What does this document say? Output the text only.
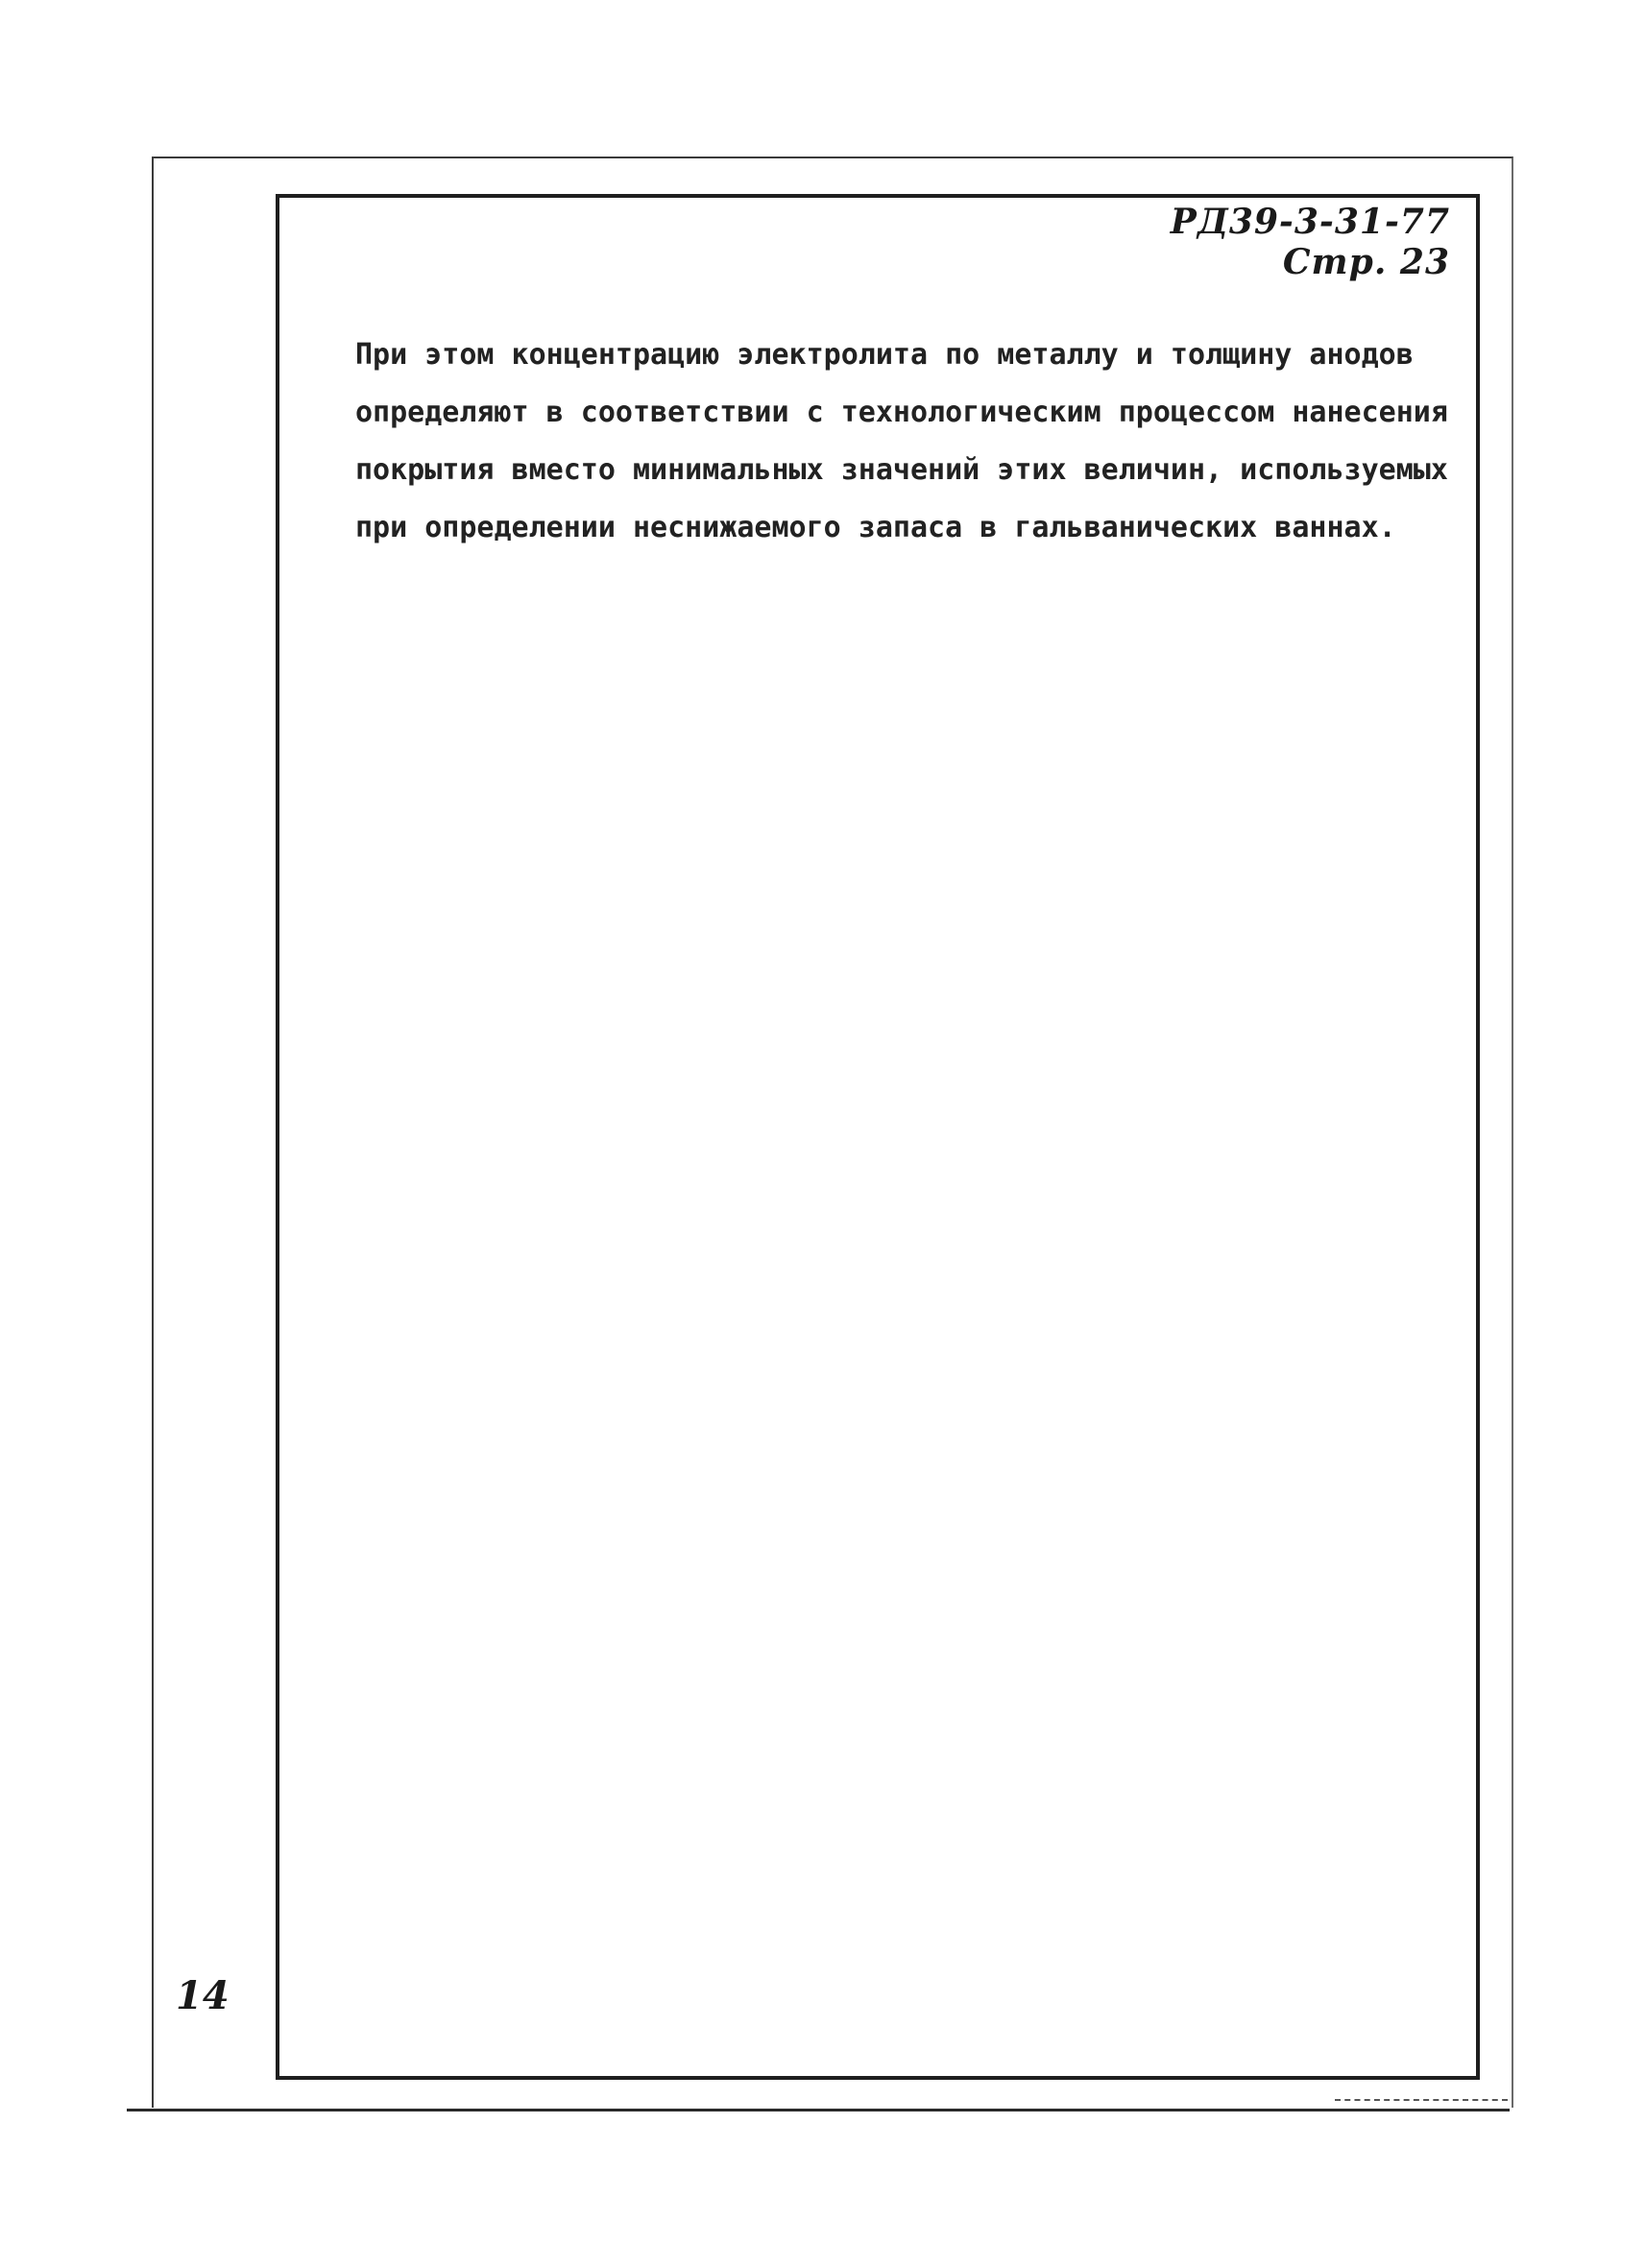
РД39-3-31-77 Стр. 23

При этом концентрацию электролита по металлу и толщину анодов
определяют в соответствии с технологическим процессом нанесения
покрытия вместо минимальных значений этих величин, используемых
при определении неснижаемого запаса в гальванических ваннах.

14
